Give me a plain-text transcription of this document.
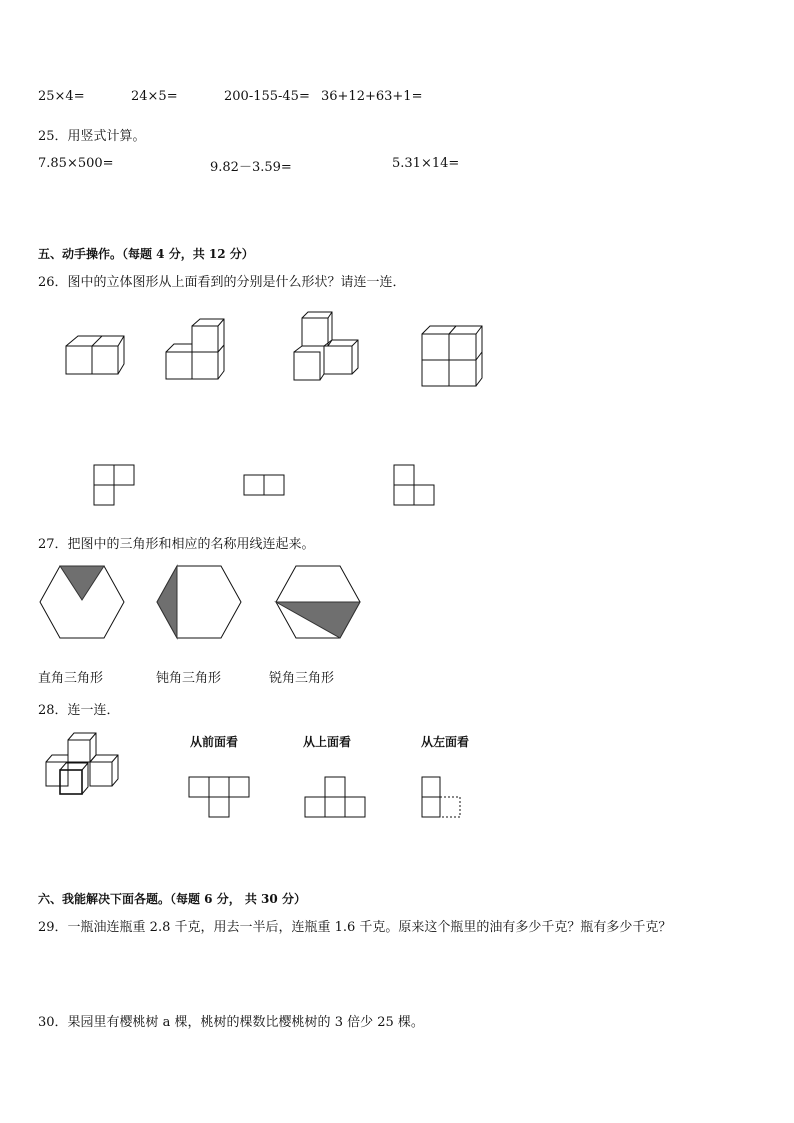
25×4=	24×5=	200-155-45= 36+12+63+1=
25．用竖式计算。
7.85×500=	9.82－3.59=	5.31×14=
五、动手操作。（每题 4 分，共 12 分）
26．图中的立体图形从上面看到的分别是什么形状？请连一连．
27．把图中的三角形和相应的名称用线连起来。
直角三角形	钝角三角形	锐角三角形
28．连一连．
从前面看	从上面看	从左面看
六、我能解决下面各题。（每题 6 分， 共 30 分）
29．一瓶油连瓶重 2.8 千克，用去一半后，连瓶重 1.6 千克。原来这个瓶里的油有多少千克？瓶有多少千克？
30．果园里有樱桃树 a 棵，桃树的棵数比樱桃树的 3 倍少 25 棵。
